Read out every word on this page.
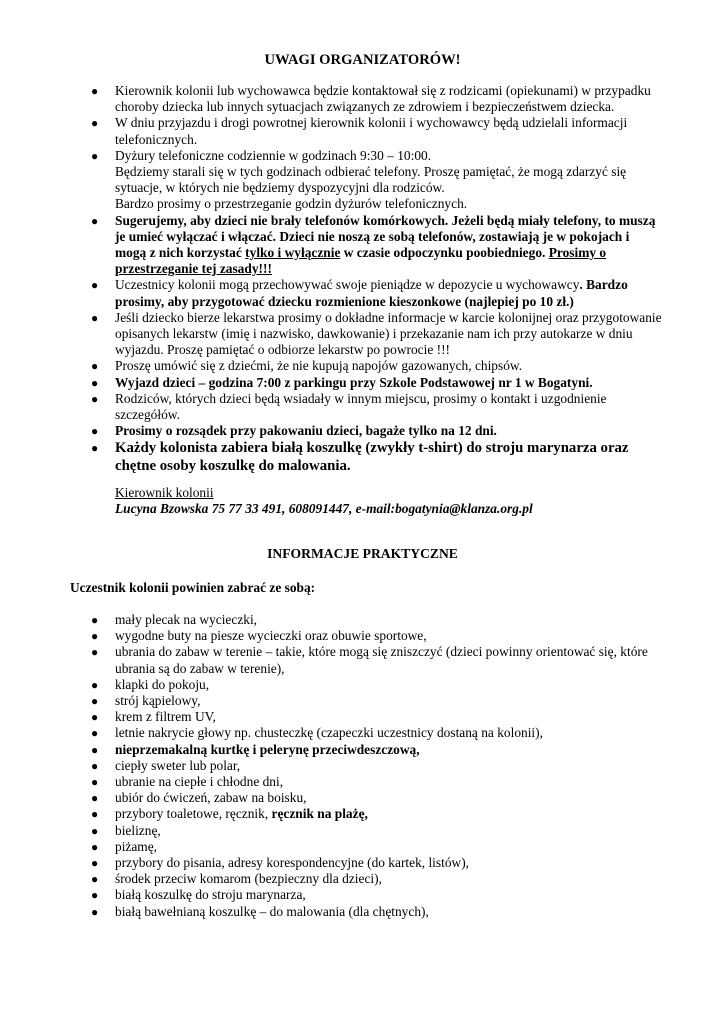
UWAGI ORGANIZATORÓW!
● Kierownik kolonii lub wychowawca będzie kontaktował się z rodzicami (opiekunami) w przypadku choroby dziecka lub innych sytuacjach związanych ze zdrowiem i bezpieczeństwem dziecka.
● W dniu przyjazdu i drogi powrotnej kierownik kolonii i wychowawcy będą udzielali informacji telefonicznych.
● Dyżury telefoniczne codziennie w godzinach 9:30 – 10:00.
Będziemy starali się w tych godzinach odbierać telefony. Proszę pamiętać, że mogą zdarzyć się sytuacje, w których nie będziemy dyspozycyjni dla rodziców.
Bardzo prosimy o przestrzeganie godzin dyżurów telefonicznych.
● Sugerujemy, aby dzieci nie brały telefonów komórkowych. Jeżeli będą miały telefony, to muszą je umieć wyłączać i włączać. Dzieci nie noszą ze sobą telefonów, zostawiają je w pokojach i mogą z nich korzystać tylko i wyłącznie w czasie odpoczynku poobiedniego. Prosimy o przestrzeganie tej zasady!!!
● Uczestnicy kolonii mogą przechowywać swoje pieniądze w depozycie u wychowawcy. Bardzo prosimy, aby przygotować dziecku rozmienione kieszonkowe (najlepiej po 10 zł.)
● Jeśli dziecko bierze lekarstwa prosimy o dokładne informacje w karcie kolonijnej oraz przygotowanie opisanych lekarstw (imię i nazwisko, dawkowanie) i przekazanie nam ich przy autokarze w dniu wyjazdu. Proszę pamiętać o odbiorze lekarstw po powrocie !!!
● Proszę umówić się z dziećmi, że nie kupują napojów gazowanych, chipsów.
● Wyjazd dzieci – godzina 7:00 z parkingu przy Szkole Podstawowej nr 1 w Bogatyni.
● Rodziców, których dzieci będą wsiadały w innym miejscu, prosimy o kontakt i uzgodnienie szczegółów.
● Prosimy o rozsądek przy pakowaniu dzieci, bagaże tylko na 12 dni.
● Każdy kolonista zabiera białą koszulkę (zwykły t-shirt) do stroju marynarza oraz chętne osoby koszulkę do malowania.
Kierownik kolonii
Lucyna Bzowska 75 77 33 491, 608091447, e-mail:bogatynia@klanza.org.pl
INFORMACJE PRAKTYCZNE

Uczestnik kolonii powinien zabrać ze sobą:

● mały plecak na wycieczki,
● wygodne buty na piesze wycieczki oraz obuwie sportowe,
● ubrania do zabaw w terenie – takie, które mogą się zniszczyć (dzieci powinny orientować się, które ubrania są do zabaw w terenie),
● klapki do pokoju,
● strój kąpielowy,
● krem z filtrem UV,
● letnie nakrycie głowy np. chusteczkę (czapeczki uczestnicy dostaną na kolonii),
● nieprzemakalną kurtkę i pelerynę przeciwdeszczową,
● ciepły sweter lub polar,
● ubranie na ciepłe i chłodne dni,
● ubiór do ćwiczeń, zabaw na boisku,
● przybory toaletowe, ręcznik, ręcznik na plażę,
● bieliznę,
● piżamę,
● przybory do pisania, adresy korespondencyjne (do kartek, listów),
● środek przeciw komarom (bezpieczny dla dzieci),
● białą koszulkę do stroju marynarza,
● białą bawełnianą koszulkę – do malowania (dla chętnych),
